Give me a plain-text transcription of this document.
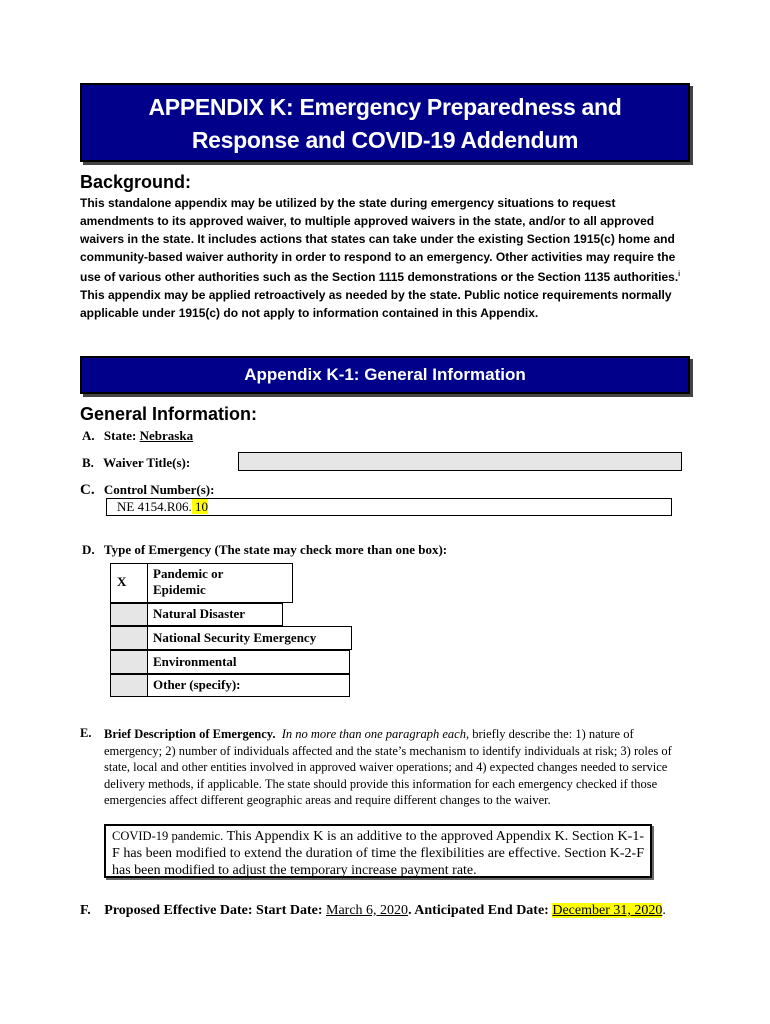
APPENDIX K: Emergency Preparedness and
Response and COVID-19 Addendum
Background:
This standalone appendix may be utilized by the state during emergency situations to request amendments to its approved waiver, to multiple approved waivers in the state, and/or to all approved waivers in the state. It includes actions that states can take under the existing Section 1915(c) home and community-based waiver authority in order to respond to an emergency. Other activities may require the use of various other authorities such as the Section 1115 demonstrations or the Section 1135 authorities.$^i$ This appendix may be applied retroactively as needed by the state. Public notice requirements normally applicable under 1915(c) do not apply to information contained in this Appendix.
Appendix K-1: General Information
General Information:
A. State: Nebraska
B. Waiver Title(s):
C. Control Number(s):
NE 4154.R06. 10
D. Type of Emergency (The state may check more than one box):
X
Pandemic or
Epidemic
Natural Disaster
National Security Emergency
Environmental
Other (specify):
E. Brief Description of Emergency. In no more than one paragraph each, briefly describe the: 1) nature of emergency; 2) number of individuals affected and the state’s mechanism to identify individuals at risk; 3) roles of state, local and other entities involved in approved waiver operations; and 4) expected changes needed to service delivery methods, if applicable. The state should provide this information for each emergency checked if those emergencies affect different geographic areas and require different changes to the waiver.
COVID-19 pandemic. This Appendix K is an additive to the approved Appendix K. Section K-1-F has been modified to extend the duration of time the flexibilities are effective. Section K-2-F has been modified to adjust the temporary increase payment rate.
F. Proposed Effective Date: Start Date: March 6, 2020. Anticipated End Date: December 31, 2020.
